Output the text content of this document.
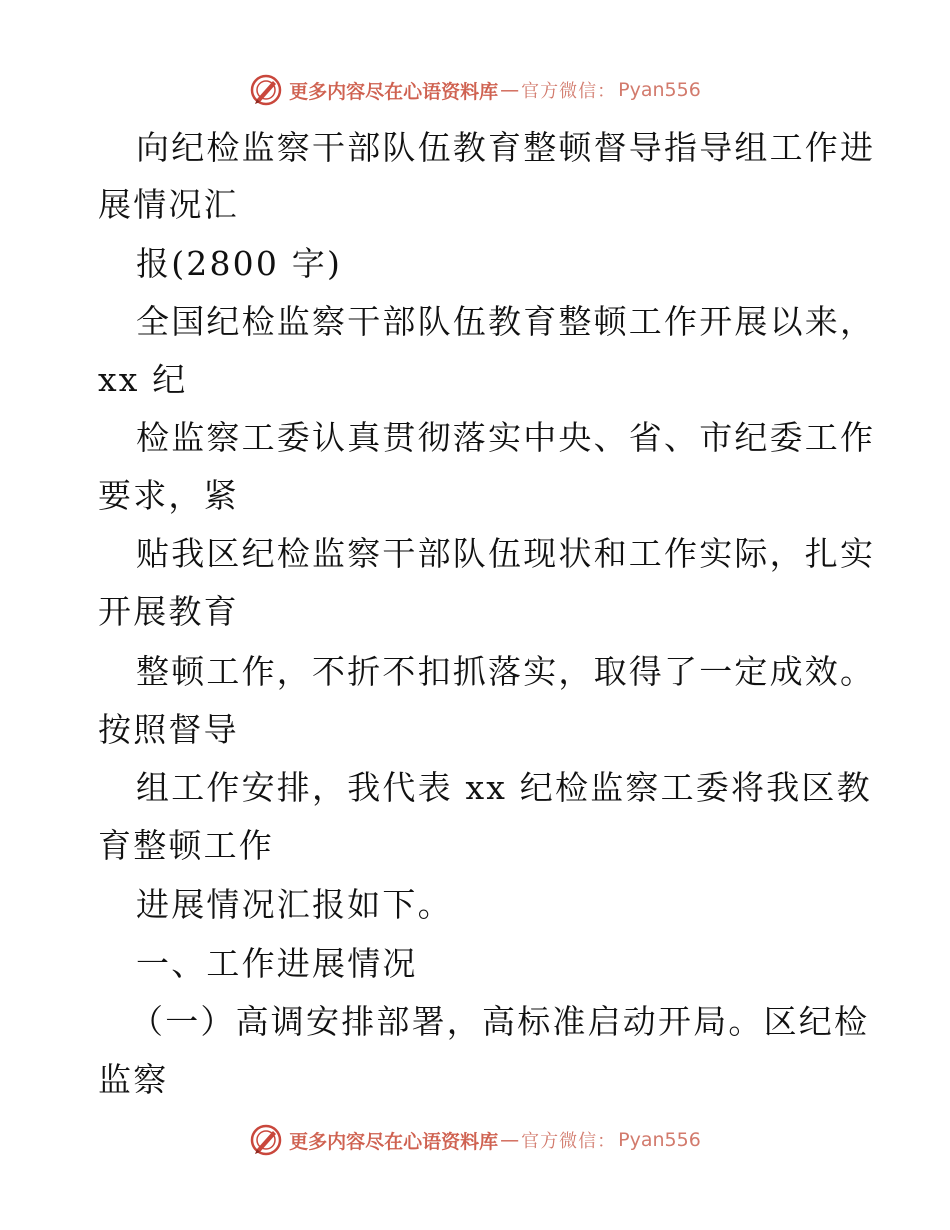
更多内容尽在心语资料库 — 官方微信： Pyan556
向纪检监察干部队伍教育整顿督导指导组工作进
展情况汇
报(2800 字)
全国纪检监察干部队伍教育整顿工作开展以来，
xx 纪
检监察工委认真贯彻落实中央、省、市纪委工作
要求，紧
贴我区纪检监察干部队伍现状和工作实际，扎实
开展教育
整顿工作，不折不扣抓落实，取得了一定成效。
按照督导
组工作安排，我代表 xx 纪检监察工委将我区教
育整顿工作
进展情况汇报如下。
一、工作进展情况
（一）高调安排部署，高标准启动开局。区纪检
监察
更多内容尽在心语资料库 — 官方微信： Pyan556
